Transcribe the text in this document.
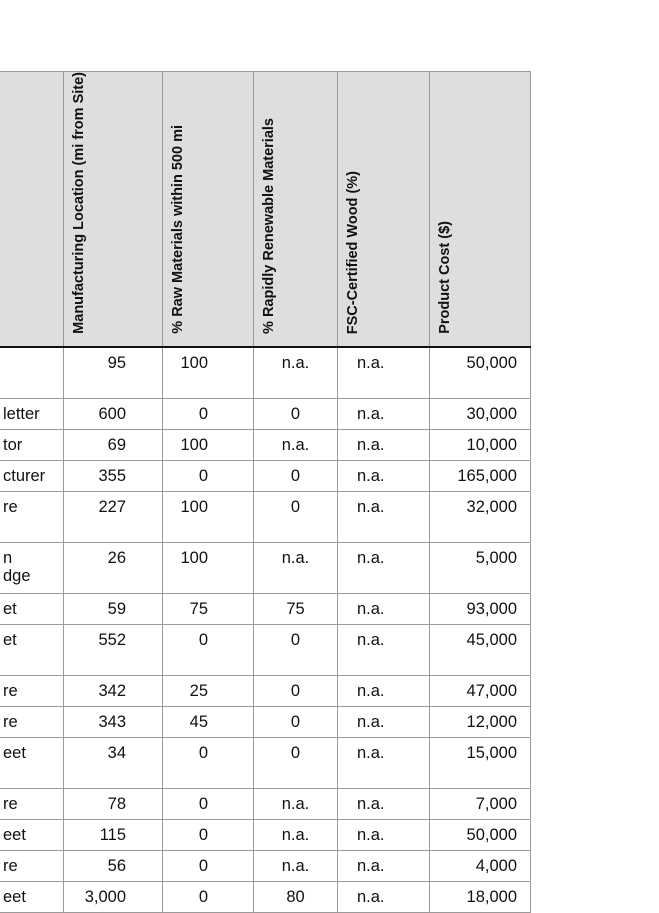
	Manufacturing Location (mi from Site)	% Raw Materials within 500 mi	% Rapidly Renewable Materials	FSC-Certified Wood (%)	Product Cost ($)

	95	100	n.a.	n.a.	50,000
letter	600	0	0	n.a.	30,000
tor	69	100	n.a.	n.a.	10,000
cturer	355	0	0	n.a.	165,000
re	227	100	0	n.a.	32,000
n
dge	26	100	n.a.	n.a.	5,000
et	59	75	75	n.a.	93,000
et	552	0	0	n.a.	45,000
re	342	25	0	n.a.	47,000
re	343	45	0	n.a.	12,000
eet	34	0	0	n.a.	15,000
re	78	0	n.a.	n.a.	7,000
eet	115	0	n.a.	n.a.	50,000
re	56	0	n.a.	n.a.	4,000
eet	3,000	0	80	n.a.	18,000
